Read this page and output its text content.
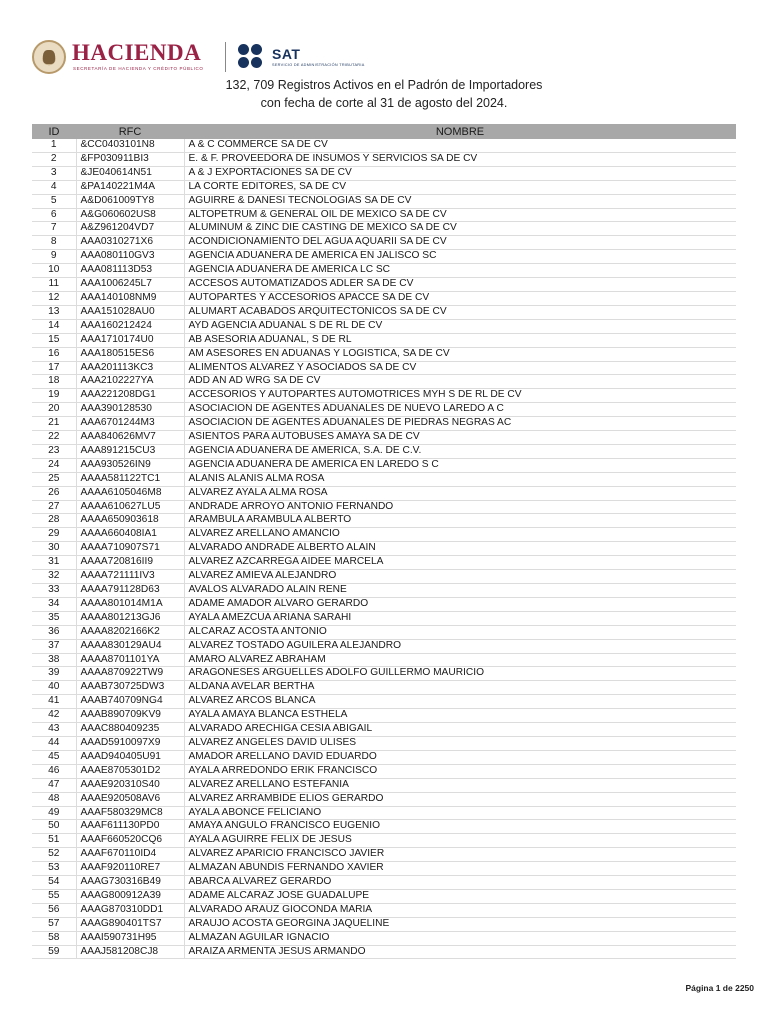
HACIENDA
SECRETARÍA DE HACIENDA Y CRÉDITO PÚBLICO
SAT
SERVICIO DE ADMINISTRACIÓN TRIBUTARIA
132, 709 Registros Activos en el Padrón de Importadores
con fecha de corte al 31 de agosto del 2024.
ID	RFC	NOMBRE
1	&CC0403101N8	A & C COMMERCE SA DE CV
2	&FP030911BI3	E. & F. PROVEEDORA DE INSUMOS Y SERVICIOS SA DE CV
3	&JE040614N51	A & J EXPORTACIONES SA DE CV
4	&PA140221M4A	LA CORTE EDITORES, SA DE CV
5	A&D061009TY8	AGUIRRE & DANESI TECNOLOGIAS SA DE CV
6	A&G060602US8	ALTOPETRUM & GENERAL OIL DE MEXICO SA DE CV
7	A&Z961204VD7	ALUMINUM & ZINC DIE CASTING DE MEXICO SA DE CV
8	AAA0310271X6	ACONDICIONAMIENTO DEL AGUA AQUARII SA DE CV
9	AAA080110GV3	AGENCIA ADUANERA DE AMERICA EN JALISCO SC
10	AAA081113D53	AGENCIA ADUANERA DE AMERICA LC SC
11	AAA1006245L7	ACCESOS AUTOMATIZADOS ADLER SA DE CV
12	AAA140108NM9	AUTOPARTES Y ACCESORIOS APACCE SA DE CV
13	AAA151028AU0	ALUMART ACABADOS ARQUITECTONICOS SA DE CV
14	AAA160212424	AYD AGENCIA ADUANAL S DE RL DE CV
15	AAA1710174U0	AB ASESORIA ADUANAL, S DE RL
16	AAA180515ES6	AM ASESORES EN ADUANAS Y LOGISTICA, SA DE CV
17	AAA201113KC3	ALIMENTOS ALVAREZ Y ASOCIADOS SA DE CV
18	AAA2102227YA	ADD AN AD WRG SA DE CV
19	AAA221208DG1	ACCESORIOS Y AUTOPARTES AUTOMOTRICES MYH S DE RL DE CV
20	AAA390128530	ASOCIACION DE AGENTES ADUANALES DE NUEVO LAREDO A C
21	AAA6701244M3	ASOCIACION DE AGENTES ADUANALES DE PIEDRAS NEGRAS AC
22	AAA840626MV7	ASIENTOS PARA AUTOBUSES AMAYA SA DE CV
23	AAA891215CU3	AGENCIA ADUANERA DE AMERICA, S.A. DE C.V.
24	AAA930526IN9	AGENCIA ADUANERA DE AMERICA EN LAREDO S C
25	AAAA581122TC1	ALANIS ALANIS ALMA ROSA
26	AAAA6105046M8	ALVAREZ AYALA ALMA ROSA
27	AAAA610627LU5	ANDRADE ARROYO ANTONIO FERNANDO
28	AAAA650903618	ARAMBULA ARAMBULA ALBERTO
29	AAAA660408IA1	ALVAREZ ARELLANO AMANCIO
30	AAAA710907S71	ALVARADO ANDRADE ALBERTO ALAIN
31	AAAA720816II9	ALVAREZ AZCARREGA AIDEE MARCELA
32	AAAA721111IV3	ALVAREZ AMIEVA ALEJANDRO
33	AAAA791128D63	AVALOS ALVARADO ALAIN RENE
34	AAAA801014M1A	ADAME AMADOR ALVARO GERARDO
35	AAAA801213GJ6	AYALA AMEZCUA ARIANA SARAHI
36	AAAA8202166K2	ALCARAZ ACOSTA ANTONIO
37	AAAA830129AU4	ALVAREZ TOSTADO AGUILERA ALEJANDRO
38	AAAA8701101YA	AMARO ALVAREZ ABRAHAM
39	AAAA870922TW9	ARAGONESES ARGUELLES ADOLFO GUILLERMO MAURICIO
40	AAAB730725DW3	ALDANA AVELAR BERTHA
41	AAAB740709NG4	ALVAREZ ARCOS BLANCA
42	AAAB890709KV9	AYALA AMAYA BLANCA ESTHELA
43	AAAC880409235	ALVARADO ARECHIGA CESIA ABIGAIL
44	AAAD5910097X9	ALVAREZ ANGELES DAVID ULISES
45	AAAD940405U91	AMADOR ARELLANO DAVID EDUARDO
46	AAAE8705301D2	AYALA ARREDONDO ERIK FRANCISCO
47	AAAE920310S40	ALVAREZ ARELLANO ESTEFANIA
48	AAAE920508AV6	ALVAREZ ARRAMBIDE ELIOS GERARDO
49	AAAF580329MC8	AYALA ABONCE FELICIANO
50	AAAF611130PD0	AMAYA ANGULO FRANCISCO EUGENIO
51	AAAF660520CQ6	AYALA AGUIRRE FELIX DE JESUS
52	AAAF670110ID4	ALVAREZ APARICIO FRANCISCO JAVIER
53	AAAF920110RE7	ALMAZAN ABUNDIS FERNANDO XAVIER
54	AAAG730316B49	ABARCA ALVAREZ GERARDO
55	AAAG800912A39	ADAME ALCARAZ JOSE GUADALUPE
56	AAAG870310DD1	ALVARADO ARAUZ GIOCONDA MARIA
57	AAAG890401TS7	ARAUJO ACOSTA GEORGINA JAQUELINE
58	AAAI590731H95	ALMAZAN AGUILAR IGNACIO
59	AAAJ581208CJ8	ARAIZA ARMENTA JESUS ARMANDO
Página 1 de 2250
